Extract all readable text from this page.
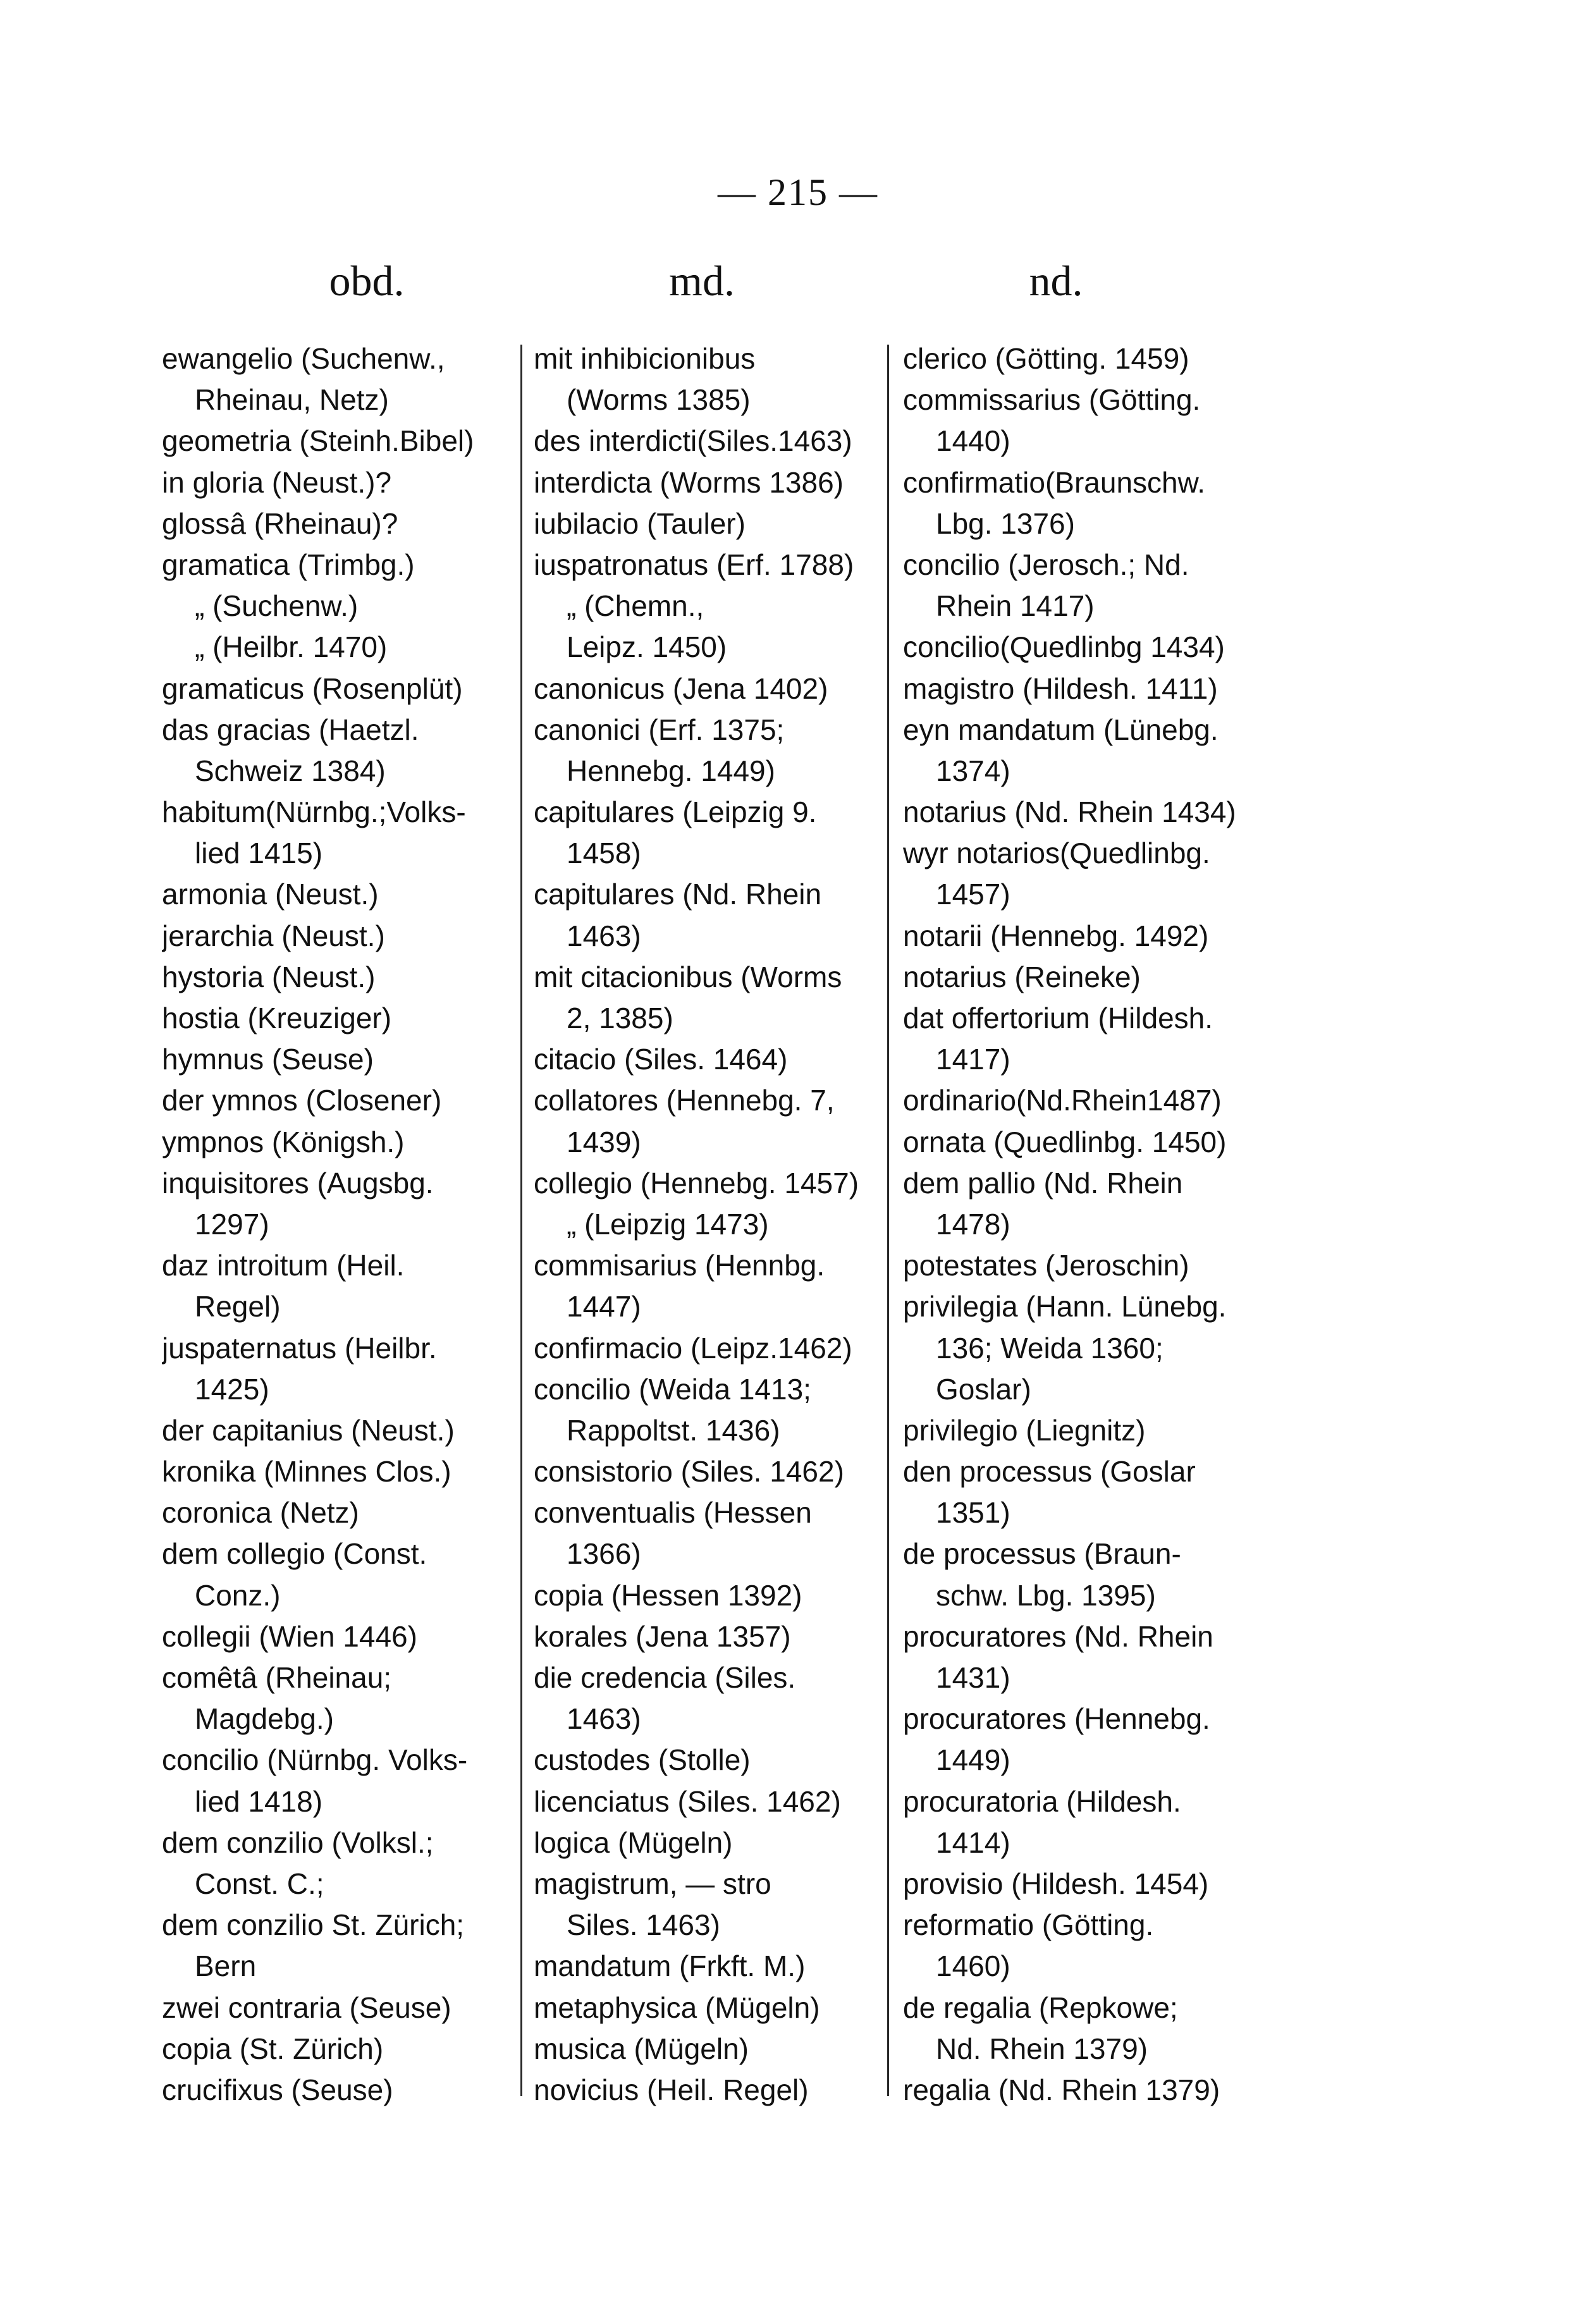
— 215 —
obd.	md.	nd.
ewangelio (Suchenw.,
Rheinau, Netz)
geometria (Steinh.Bibel)
in gloria (Neust.)?
glossâ (Rheinau)?
gramatica (Trimbg.)
„ (Suchenw.)
„ (Heilbr. 1470)
gramaticus (Rosenplüt)
das gracias (Haetzl.
Schweiz 1384)
habitum(Nürnbg.;Volks-
lied 1415)
armonia (Neust.)
jerarchia (Neust.)
hystoria (Neust.)
hostia (Kreuziger)
hymnus (Seuse)
der ymnos (Closener)
ympnos (Königsh.)
inquisitores (Augsbg.
1297)
daz introitum (Heil.
Regel)
juspaternatus (Heilbr.
1425)
der capitanius (Neust.)
kronika (Minnes Clos.)
coronica (Netz)
dem collegio (Const.
Conz.)
collegii (Wien 1446)
comêtâ (Rheinau;
Magdebg.)
concilio (Nürnbg. Volks-
lied 1418)
dem conzilio (Volksl.;
Const. C.;
dem conzilio St. Zürich;
Bern
zwei contraria (Seuse)
copia (St. Zürich)
crucifixus (Seuse)
mit inhibicionibus
(Worms 1385)
des interdicti(Siles.1463)
interdicta (Worms 1386)
iubilacio (Tauler)
iuspatronatus (Erf. 1788)
„ (Chemn.,
Leipz. 1450)
canonicus (Jena 1402)
canonici (Erf. 1375;
Hennebg. 1449)
capitulares (Leipzig 9.
1458)
capitulares (Nd. Rhein
1463)
mit citacionibus (Worms
2, 1385)
citacio (Siles. 1464)
collatores (Hennebg. 7,
1439)
collegio (Hennebg. 1457)
„ (Leipzig 1473)
commisarius (Hennbg.
1447)
confirmacio (Leipz.1462)
concilio (Weida 1413;
Rappoltst. 1436)
consistorio (Siles. 1462)
conventualis (Hessen
1366)
copia (Hessen 1392)
korales (Jena 1357)
die credencia (Siles.
1463)
custodes (Stolle)
licenciatus (Siles. 1462)
logica (Mügeln)
magistrum, — stro
Siles. 1463)
mandatum (Frkft. M.)
metaphysica (Mügeln)
musica (Mügeln)
novicius (Heil. Regel)
clerico (Götting. 1459)
commissarius (Götting.
1440)
confirmatio(Braunschw.
Lbg. 1376)
concilio (Jerosch.; Nd.
Rhein 1417)
concilio(Quedlinbg 1434)
magistro (Hildesh. 1411)
eyn mandatum (Lünebg.
1374)
notarius (Nd. Rhein 1434)
wyr notarios(Quedlinbg.
1457)
notarii (Hennebg. 1492)
notarius (Reineke)
dat offertorium (Hildesh.
1417)
ordinario(Nd.Rhein1487)
ornata (Quedlinbg. 1450)
dem pallio (Nd. Rhein
1478)
potestates (Jeroschin)
privilegia (Hann. Lünebg.
136; Weida 1360;
Goslar)
privilegio (Liegnitz)
den processus (Goslar
1351)
de processus (Braun-
schw. Lbg. 1395)
procuratores (Nd. Rhein
1431)
procuratores (Hennebg.
1449)
procuratoria (Hildesh.
1414)
provisio (Hildesh. 1454)
reformatio (Götting.
1460)
de regalia (Repkowe;
Nd. Rhein 1379)
regalia (Nd. Rhein 1379)
